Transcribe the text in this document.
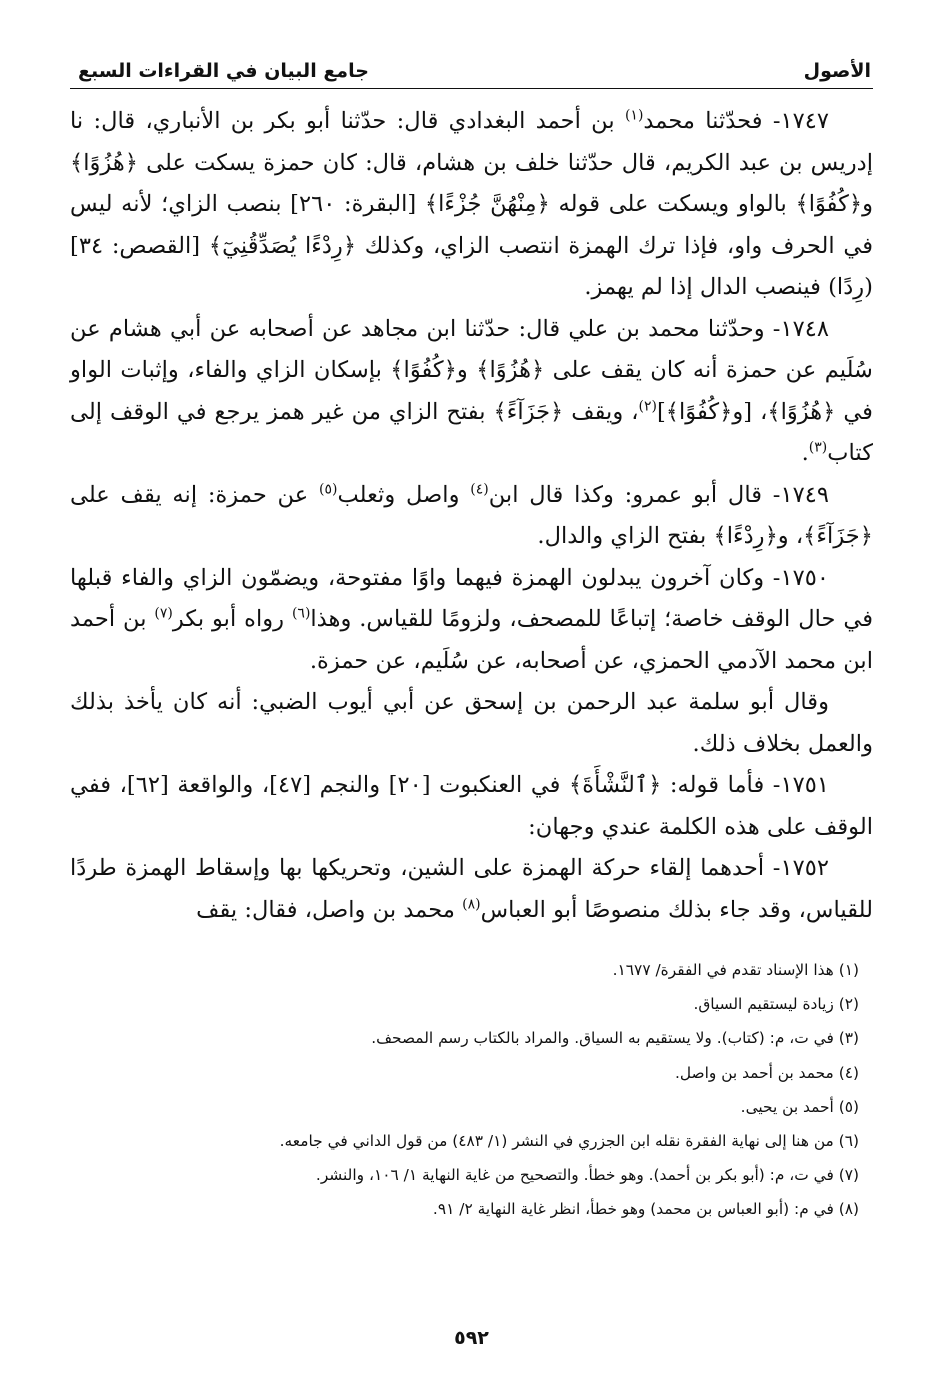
الأصول
جامع البيان في القراءات السبع

١٧٤٧- فحدّثنا محمد$^{(١)}$ بن أحمد البغدادي قال: حدّثنا أبو بكر بن الأنباري، قال: نا إدريس بن عبد الكريم، قال حدّثنا خلف بن هشام، قال: كان حمزة يسكت على ﴿هُزُوًا﴾ و﴿كُفُوًا﴾ بالواو ويسكت على قوله ﴿مِنْهُنَّ جُزْءًا﴾ [البقرة: ٢٦٠] بنصب الزاي؛ لأنه ليس في الحرف واو، فإذا ترك الهمزة انتصب الزاي، وكذلك ﴿رِدْءًا يُصَدِّقُنِيٓ﴾ [القصص: ٣٤] (رِدًا) فينصب الدال إذا لم يهمز.

١٧٤٨- وحدّثنا محمد بن علي قال: حدّثنا ابن مجاهد عن أصحابه عن أبي هشام عن سُلَيم عن حمزة أنه كان يقف على ﴿هُزُوًا﴾ و﴿كُفُوًا﴾ بإسكان الزاي والفاء، وإثبات الواو في ﴿هُزُوًا﴾، [و﴿كُفُوًا﴾]$^{(٢)}$، ويقف ﴿جَزَآءً﴾ بفتح الزاي من غير همز يرجع في الوقف إلى كتاب$^{(٣)}$.

١٧٤٩- قال أبو عمرو: وكذا قال ابن$^{(٤)}$ واصل وثعلب$^{(٥)}$ عن حمزة: إنه يقف على ﴿جَزَآءً﴾، و﴿رِدْءًا﴾ بفتح الزاي والدال.

١٧٥٠- وكان آخرون يبدلون الهمزة فيهما واوًا مفتوحة، ويضمّون الزاي والفاء قبلها في حال الوقف خاصة؛ إتباعًا للمصحف، ولزومًا للقياس. وهذا$^{(٦)}$ رواه أبو بكر$^{(٧)}$ بن أحمد ابن محمد الآدمي الحمزي، عن أصحابه، عن سُلَيم، عن حمزة.

وقال أبو سلمة عبد الرحمن بن إسحق عن أبي أيوب الضبي: أنه كان يأخذ بذلك والعمل بخلاف ذلك.

١٧٥١- فأما قوله: ﴿ٱلنَّشْأَةَ﴾ في العنكبوت [٢٠] والنجم [٤٧]، والواقعة [٦٢]، ففي الوقف على هذه الكلمة عندي وجهان:

١٧٥٢- أحدهما إلقاء حركة الهمزة على الشين، وتحريكها بها وإسقاط الهمزة طردًا للقياس، وقد جاء بذلك منصوصًا أبو العباس$^{(٨)}$ محمد بن واصل، فقال: يقف

(١) هذا الإسناد تقدم في الفقرة/ ١٦٧٧.
(٢) زيادة ليستقيم السياق.
(٣) في ت، م: (كتاب). ولا يستقيم به السياق. والمراد بالكتاب رسم المصحف.
(٤) محمد بن أحمد بن واصل.
(٥) أحمد بن يحيى.
(٦) من هنا إلى نهاية الفقرة نقله ابن الجزري في النشر (١/ ٤٨٣) من قول الداني في جامعه.
(٧) في ت، م: (أبو بكر بن أحمد). وهو خطأ. والتصحيح من غاية النهاية ١/ ١٠٦، والنشر.
(٨) في م: (أبو العباس بن محمد) وهو خطأ، انظر غاية النهاية ٢/ ٩١.
٥٩٢
